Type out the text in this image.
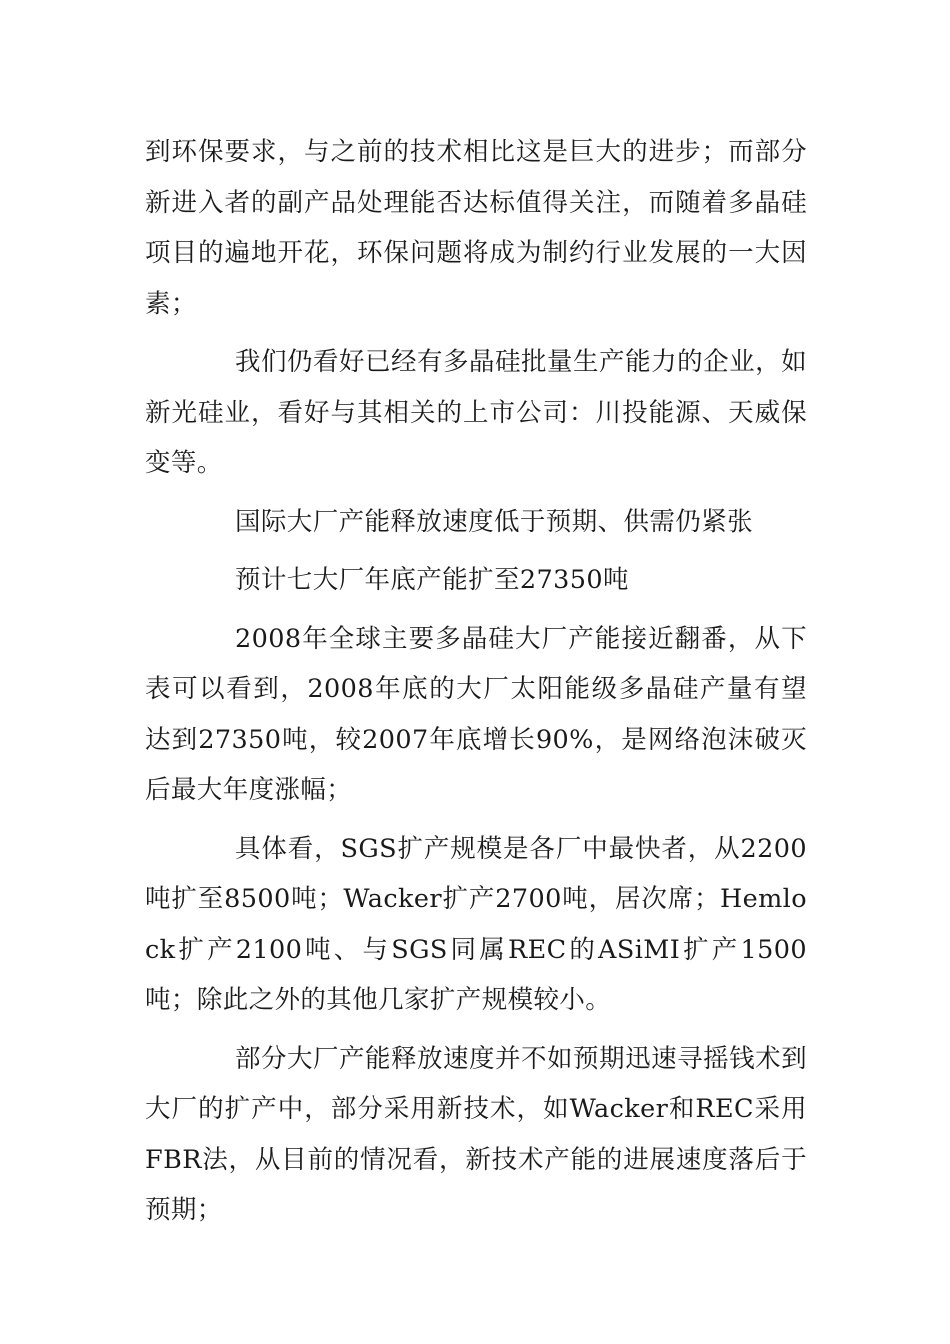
到环保要求，与之前的技术相比这是巨大的进步；而部分新进入者的副产品处理能否达标值得关注，而随着多晶硅项目的遍地开花，环保问题将成为制约行业发展的一大因素；

我们仍看好已经有多晶硅批量生产能力的企业，如新光硅业，看好与其相关的上市公司：川投能源、天威保变等。

国际大厂产能释放速度低于预期、供需仍紧张

预计七大厂年底产能扩至27350吨

2008年全球主要多晶硅大厂产能接近翻番，从下表可以看到，2008年底的大厂太阳能级多晶硅产量有望达到27350吨，较2007年底增长90%，是网络泡沫破灭后最大年度涨幅；

具体看，SGS扩产规模是各厂中最快者，从2200吨扩至8500吨；Wacker扩产2700吨，居次席；Hemlock扩产2100吨、与SGS同属REC的ASiMI扩产1500吨；除此之外的其他几家扩产规模较小。

部分大厂产能释放速度并不如预期迅速寻摇钱术到大厂的扩产中，部分采用新技术，如Wacker和REC采用FBR法，从目前的情况看，新技术产能的进展速度落后于预期；
